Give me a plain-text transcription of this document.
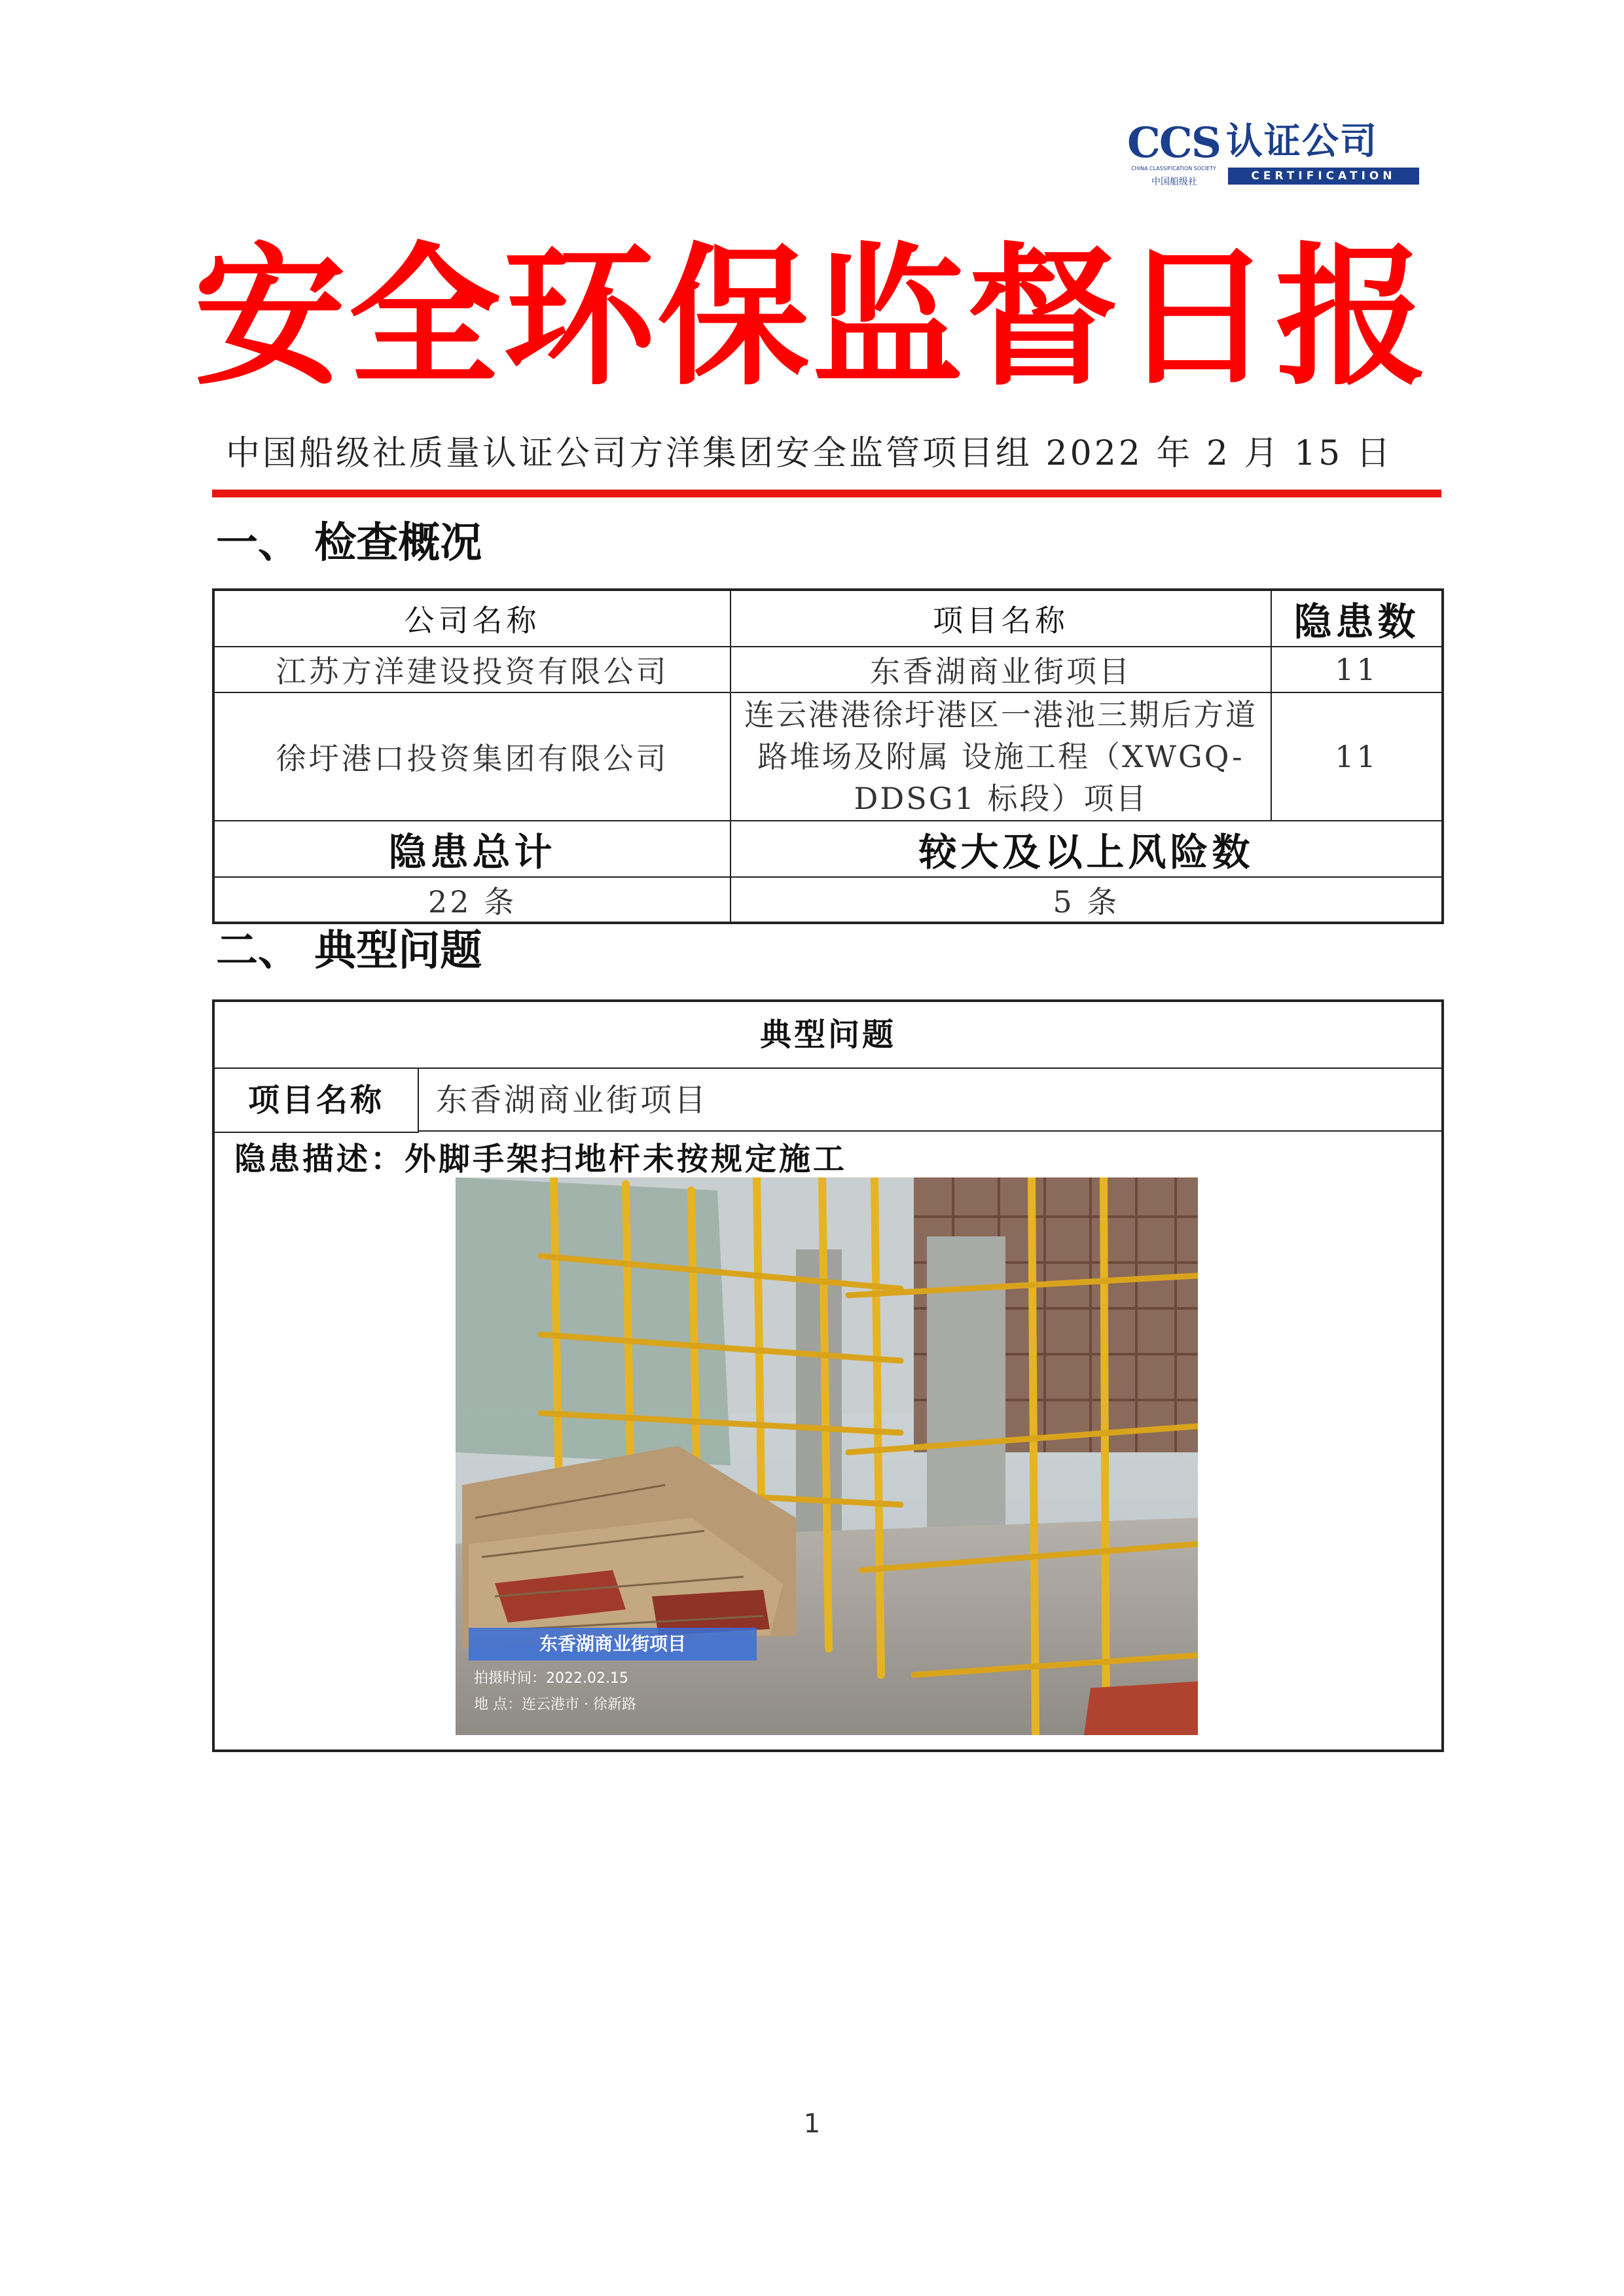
CCS
CHINA CLASSIFICATION SOCIETY
中国船级社
认证公司
CERTIFICATION
安全环保监督日报
中国船级社质量认证公司方洋集团安全监管项目组 2022 年 2 月 15 日
一、 检查概况
公司名称	项目名称	隐患数
江苏方洋建设投资有限公司	东香湖商业街项目	11
徐圩港口投资集团有限公司	连云港港徐圩港区一港池三期后方道路堆场及附属 设施工程（XWGQ-DDSG1 标段）项目	11
隐患总计	较大及以上风险数	
22 条	5 条	
二、 典型问题
典型问题
项目名称	东香湖商业街项目
隐患描述：外脚手架扫地杆未按规定施工
东香湖商业街项目
拍摄时间：2022.02.15
地 点：连云港市 · 徐新路
1
